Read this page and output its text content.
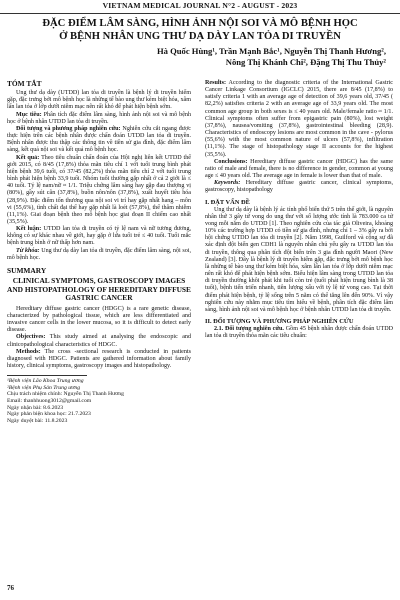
VIETNAM MEDICAL JOURNAL N°2 - AUGUST - 2023
ĐẶC ĐIỂM LÂM SÀNG, HÌNH ẢNH NỘI SOI VÀ MÔ BỆNH HỌC
Ở BỆNH NHÂN UNG THƯ DẠ DÀY LAN TỎA DI TRUYỀN
Hà Quốc Hùng¹, Trần Mạnh Bắc¹, Nguyễn Thị Thanh Hương²,
Nông Thị Khánh Chi², Đặng Thị Thu Thủy²
TÓM TẮT

Ung thư dạ dày (UTDD) lan tỏa di truyền là bệnh lý di truyền hiếm gặp, đặc trưng bởi mô bệnh học là những tế bào ung thư kém biệt hóa, xâm lấn lan tỏa ở lớp dưới niêm mạc nên rất khó để phát hiện bệnh sớm.

Mục tiêu: Phân tích đặc điểm lâm sàng, hình ảnh nội soi và mô bệnh học ở bệnh nhân UTDD lan tỏa di truyền.

Đối tượng và phương pháp nghiên cứu: Nghiên cứu cắt ngang được thực hiện trên các bệnh nhân được chẩn đoán UTDD lan tỏa di truyền. Bệnh nhân được thu thập các thông tin về tiền sử gia đình, đặc điểm lâm sàng, kết quả nội soi và kết quả mô bệnh học.

Kết quả: Theo tiêu chuẩn chẩn đoán của Hội nghị liên kết UTDD thế giới 2015, có 8/45 (17,8%) thỏa mãn tiêu chí 1 với tuổi trung bình phát hiện bệnh 39,6 tuổi, có 37/45 (82,2%) thỏa mãn tiêu chí 2 với tuổi trung bình phát hiện bệnh 33,9 tuổi. Nhóm tuổi thường gặp nhất ở cả 2 giới là ≤ 40 tuổi. Tỷ lệ nam/nữ ≈ 1/1. Triệu chứng lâm sàng hay gặp đau thượng vị (80%), gầy sút cân (37,8%), buồn nôn/nôn (37,8%), xuất huyết tiêu hóa (28,9%). Đặc điểm tổn thương qua nội soi vi trí hay gặp nhất hang – môn vi (55,6%), tình chất đại thể hay gặp nhất là loét (57,8%), thể thâm nhiễm (11,1%). Giai đoạn bệnh theo mô bệnh học giai đoạn II chiếm cao nhất (35,5%).

Kết luận: UTDD lan tỏa di truyền có tỷ lệ nam và nữ tương đương, không có sự khác nhau về giới, hay gặp ở lứa tuổi trẻ ≤ 40 tuổi. Tuổi mắc bệnh trung bình ở nữ thấp hơn nam.

Từ khóa: Ung thư dạ dày lan tỏa di truyền, đặc điểm lâm sàng, nội soi, mô bệnh học.

SUMMARY
CLINICAL SYMPTOMS, GASTROSCOPY IMAGES AND HISTOPATHOLOGY OF HEREDITARY DIFFUSE GASTRIC CANCER

Hereditary diffuse gastric cancer (HDGC) is a rare genetic disease, characterized by pathological tissue, which are less differentiated and invasive cancer cells in the lower mucosa, so it is difficult to detect early disease.

Objectives: This study aimed at analysing the endoscopic and clinicopathological characteristics of HDGC.

Methods: The cross -sectional research is conducted in patients diagnosed with HDGC. Patients are gathered information about family history, clinical symptoms, gastroscopy images and histopathology.

¹Bệnh viện Lão Khoa Trung ương
²Bệnh viện Phụ Sản Trung ương
Chịu trách nhiệm chính: Nguyễn Thị Thanh Hương
Email: thanhhuong3012@gmail.com
Ngày nhận bài: 8.6.2023
Ngày phản biện khoa học: 21.7.2023
Ngày duyệt bài: 11.8.2023

Results: According to the diagnostic criteria of the International Gastric Cancer Linkage Consortium (IGCLC) 2015, there are 8/45 (17,8%) to satisfy criteria 1 with an average age of detection of 39,6 years old, 37/45 ( 82,2%) satisfies criteria 2 with an average age of 33,9 years old. The most common age group in both sexes is ≤ 40 years old. Male/female ratio ≈ 1/1. Clinical symptoms often suffer from epigastric pain (80%), lost weight (37,8%), nausea/vomiting (37,8%), gastrointestinal bleeding (28,9). Characteristics of endoscopy lesions are most common in the cave - pylorus (55,6%) with the most common nature of ulcers (57,8%), infiltration (11,1%). The stage of histopathology stage II accounts for the highest (35,5%).

Conclusions: Hereditary diffuse gastric cancer (HDGC) has the same ratio of male and female, there is no difference in gender, common at young age ≤ 40 years old. The average age in female is lower than that of male.

Keywords: Hereditary diffuse gastric cancer, clinical symptoms, gastroscopy, histopathology

I. ĐẶT VẤN ĐỀ

Ung thư dạ dày là bệnh lý ác tính phổ biến thứ 5 trên thế giới, là nguyên nhân thứ 3 gây tử vong do ung thư với số lượng ước tính là 783.000 ca tử vong mỗi năm do UTDD [1]. Theo nghiên cứu của tác giả Oliveira, khoảng 10% các trường hợp UTDD có tiền sử gia đình, nhưng chỉ 1 – 3% gây ra bởi hội chứng UTDD lan tỏa di truyền [2]. Năm 1998, Guilford và cộng sự đã xác định đột biến gen CDH1 là nguyên nhân chủ yếu gây ra UTDD lan tỏa di truyền, thông qua phân tích đột biến trên 3 gia đình người Maori (New Zealand) [3]. Đây là bệnh lý di truyền hiếm gặp, đặc trưng bởi mô bệnh học là những tế bào ung thư kém biệt hóa, xâm lấn lan tỏa ở lớp dưới niêm mạc nên rất khó để phát hiện bệnh sớm. Biểu hiện lâm sàng trong UTDD lan tỏa di truyền thường khôi phát khi tuổi còn trẻ (tuổi phát hiện trung bình là 38 tuổi), bệnh tiến triển nhanh, tiên lượng xấu với tỷ lệ tử vong cao. Tại thời điểm phát hiện bệnh, tỷ lệ sống trên 5 năm có thể tăng lên đến 90%. Vì vậy nghiên cứu này nhằm mục tiêu tìm hiểu về bệnh, phân tích đặc điểm lâm sàng, hình ảnh nội soi và mô bệnh học ở bệnh nhân UTDD lan tỏa di truyền.

II. ĐỐI TƯỢNG VÀ PHƯƠNG PHÁP NGHIÊN CỨU

2.1. Đối tượng nghiên cứu. Gồm 45 bệnh nhân được chẩn đoán UTDD lan tỏa di truyền thỏa mãn các tiêu chuẩn:

76
